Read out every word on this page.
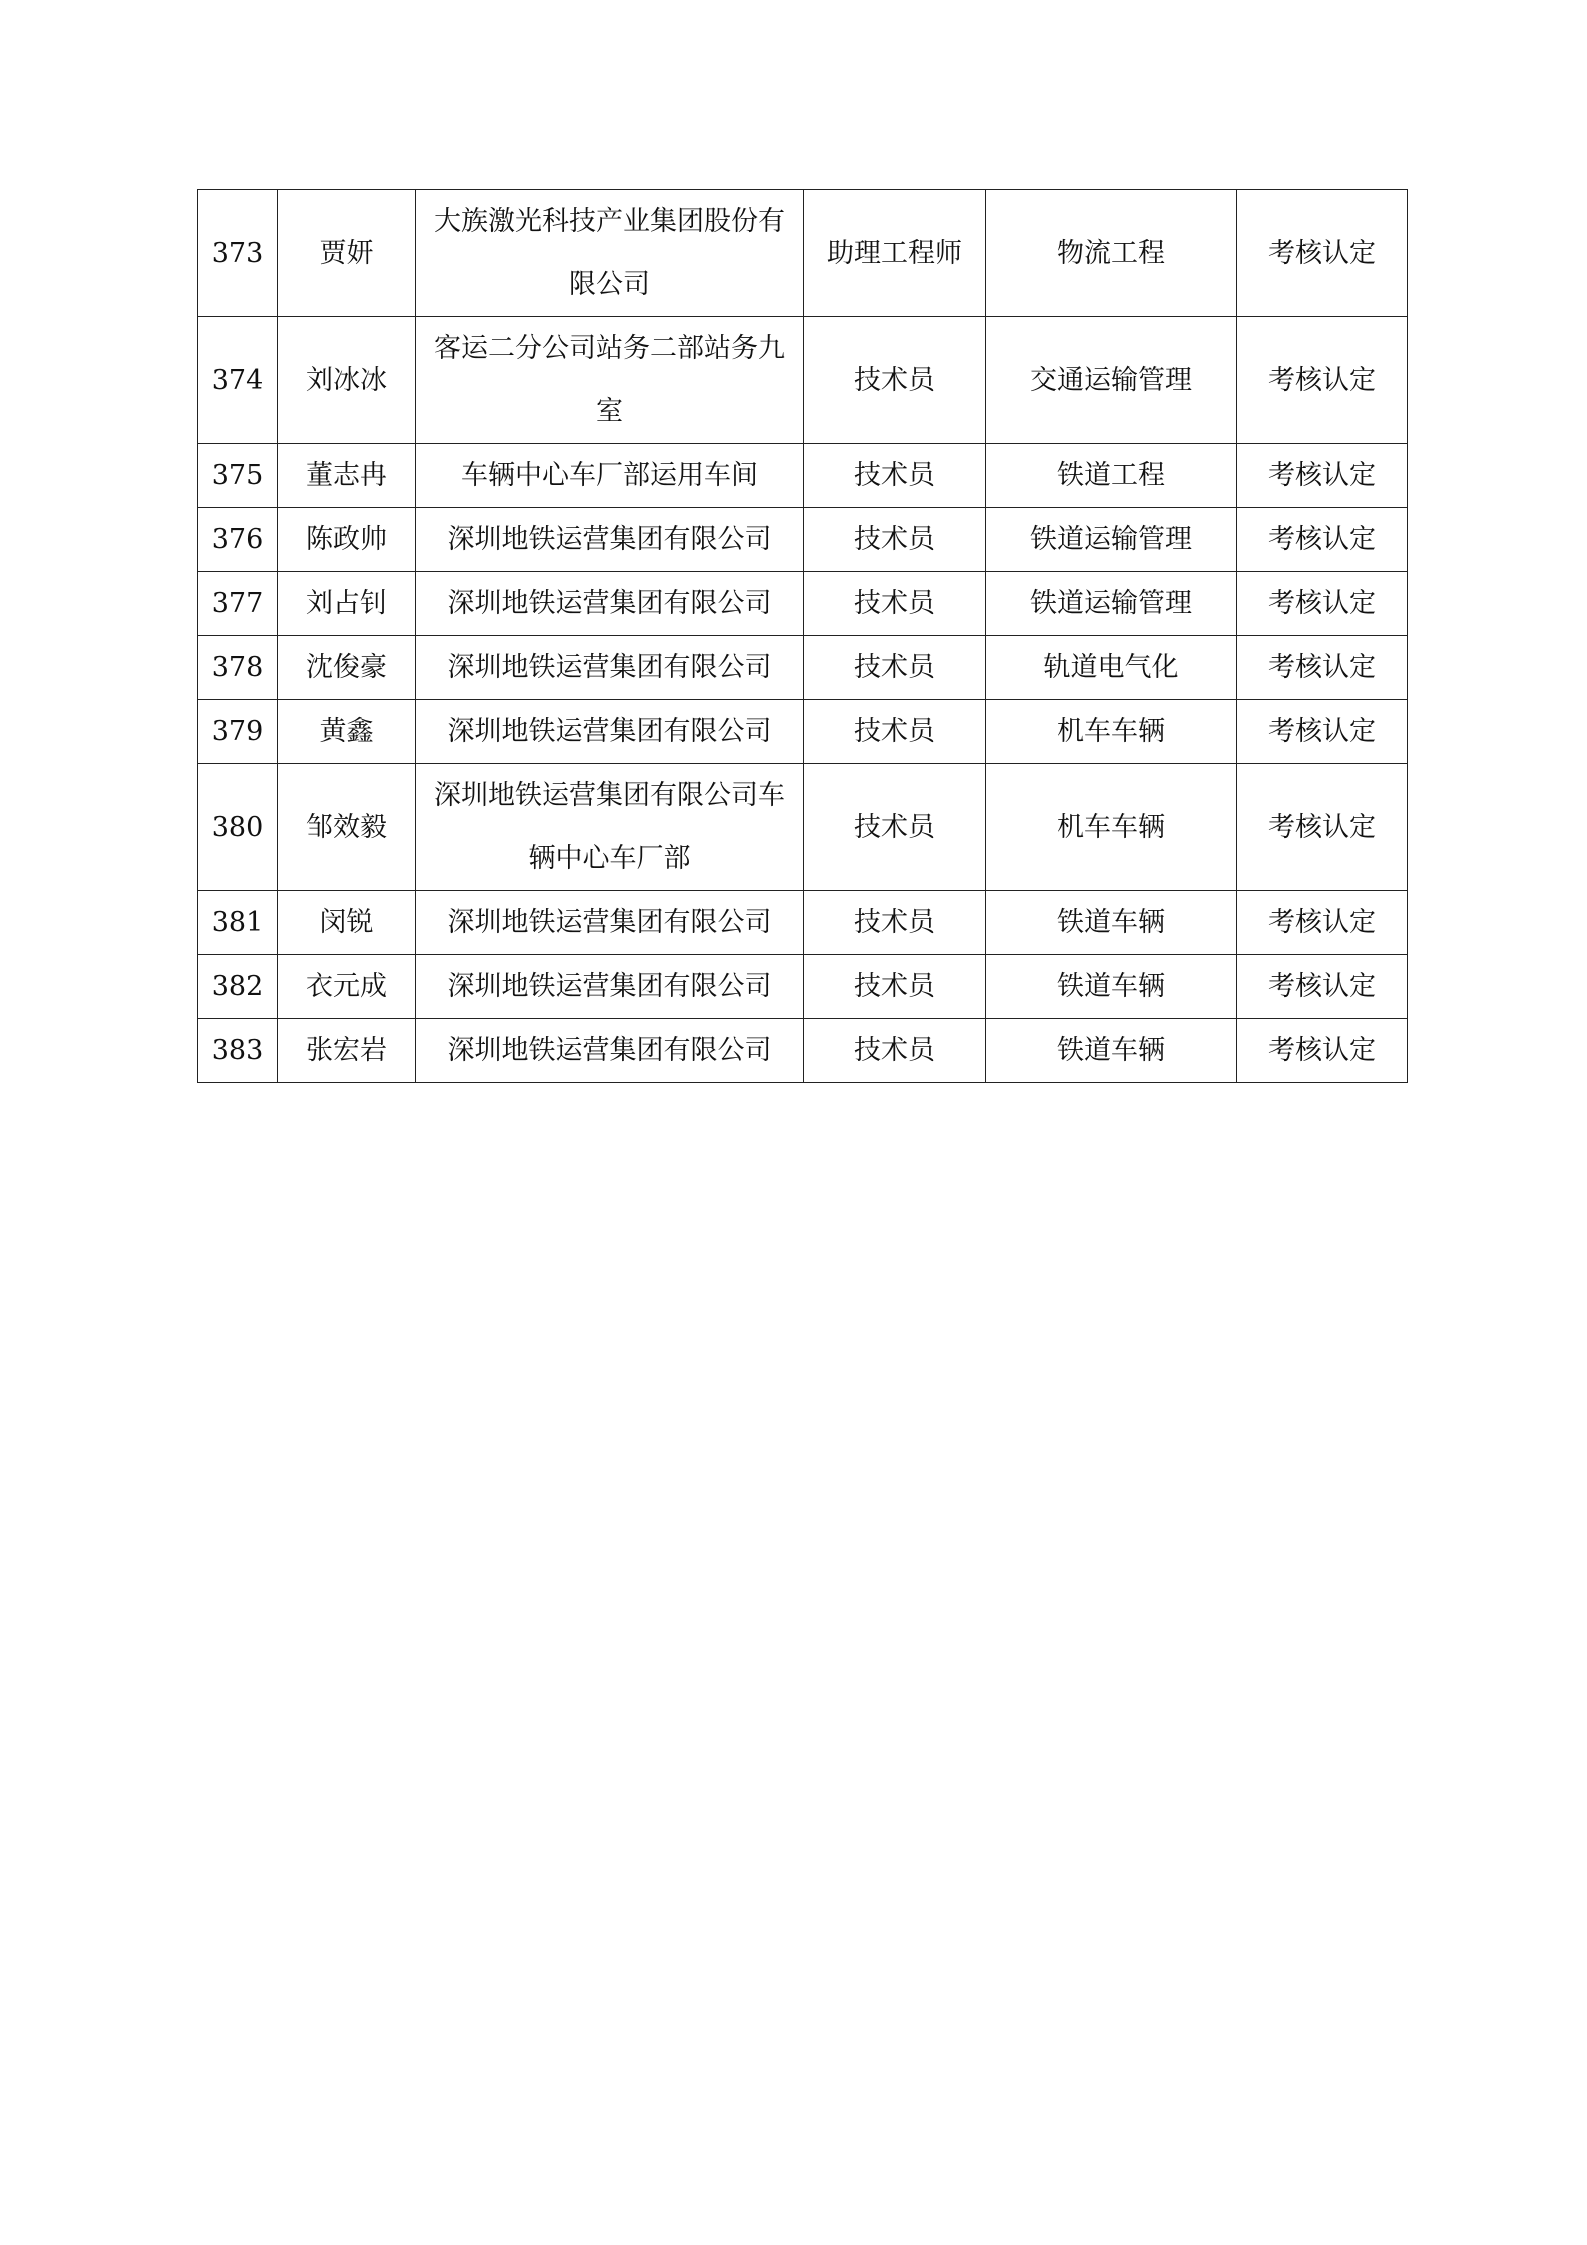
373	贾妍	大族激光科技产业集团股份有限公司	助理工程师	物流工程	考核认定
374	刘冰冰	客运二分公司站务二部站务九室	技术员	交通运输管理	考核认定
375	董志冉	车辆中心车厂部运用车间	技术员	铁道工程	考核认定
376	陈政帅	深圳地铁运营集团有限公司	技术员	铁道运输管理	考核认定
377	刘占钊	深圳地铁运营集团有限公司	技术员	铁道运输管理	考核认定
378	沈俊豪	深圳地铁运营集团有限公司	技术员	轨道电气化	考核认定
379	黄鑫	深圳地铁运营集团有限公司	技术员	机车车辆	考核认定
380	邹效毅	深圳地铁运营集团有限公司车辆中心车厂部	技术员	机车车辆	考核认定
381	闵锐	深圳地铁运营集团有限公司	技术员	铁道车辆	考核认定
382	衣元成	深圳地铁运营集团有限公司	技术员	铁道车辆	考核认定
383	张宏岩	深圳地铁运营集团有限公司	技术员	铁道车辆	考核认定
